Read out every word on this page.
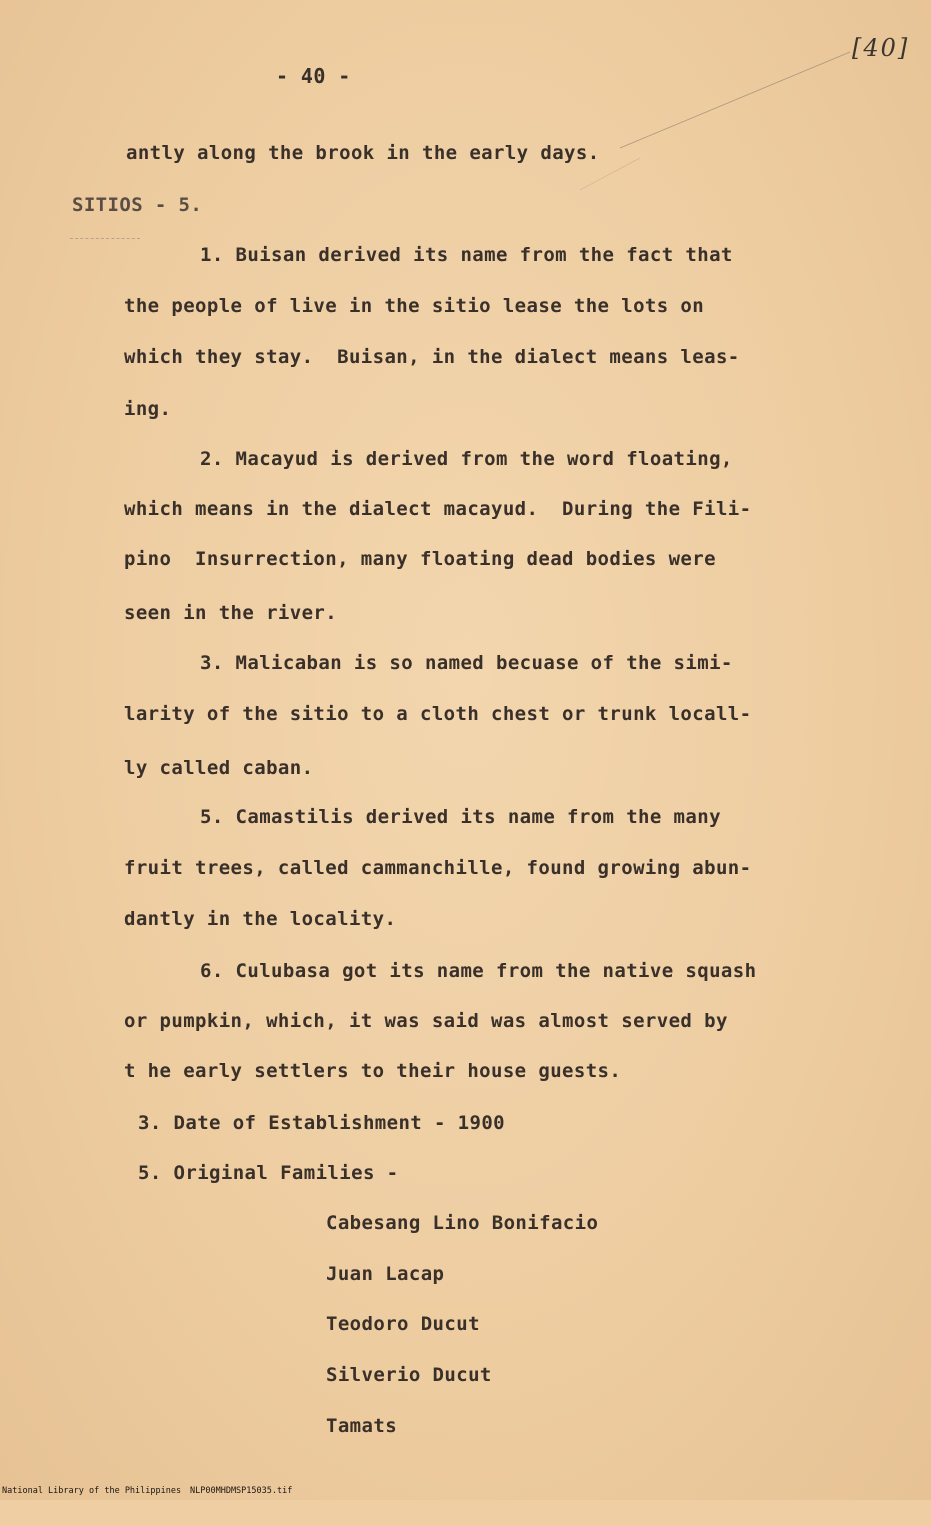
[40]
- 40 -
antly along the brook in the early days.
SITIOS - 5.
1. Buisan derived its name from the fact that
the people of live in the sitio lease the lots on
which they stay.  Buisan, in the dialect means leas-
ing.
2. Macayud is derived from the word floating,
which means in the dialect macayud.  During the Fili-
pino  Insurrection, many floating dead bodies were
seen in the river.
3. Malicaban is so named becuase of the simi-
larity of the sitio to a cloth chest or trunk locall-
ly called caban.
5. Camastilis derived its name from the many
fruit trees, called cammanchille, found growing abun-
dantly in the locality.
6. Culubasa got its name from the native squash
or pumpkin, which, it was said was almost served by
t he early settlers to their house guests.
3. Date of Establishment - 1900
5. Original Families -
Cabesang Lino Bonifacio
Juan Lacap
Teodoro Ducut
Silverio Ducut
Tamats

National Library of the Philippines

NLP00MHDMSP15035.tif
